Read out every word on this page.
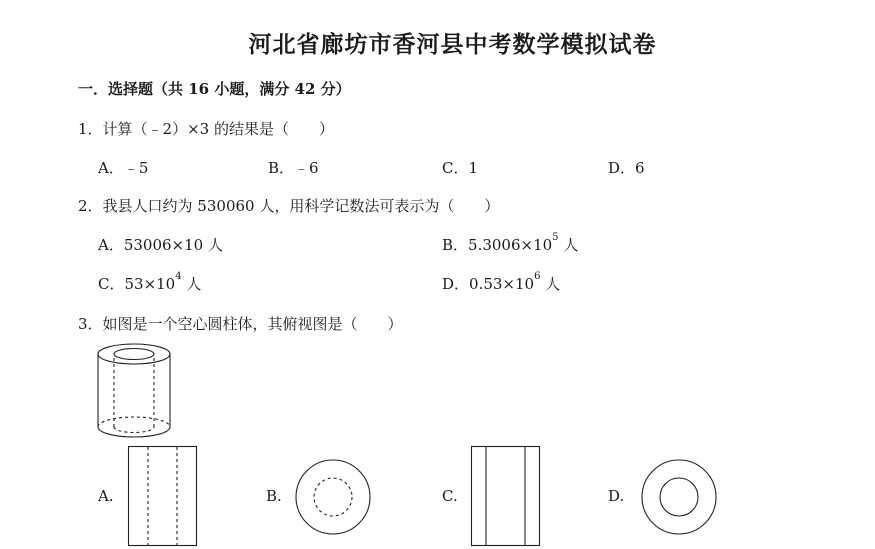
河北省廊坊市香河县中考数学模拟试卷
一．选择题（共 16 小题，满分 42 分）
1．计算（﹣2）×3 的结果是（　　）
A．﹣5	B．﹣6	C．1	D．6
2．我县人口约为 530060 人，用科学记数法可表示为（　　）
A．53006×10 人	B．$5.3006\times 10^5$ 人
C．$53\times 10^4$ 人	D．$0.53\times 10^6$ 人
3．如图是一个空心圆柱体，其俯视图是（　　）
A.	B.	C.	D.
